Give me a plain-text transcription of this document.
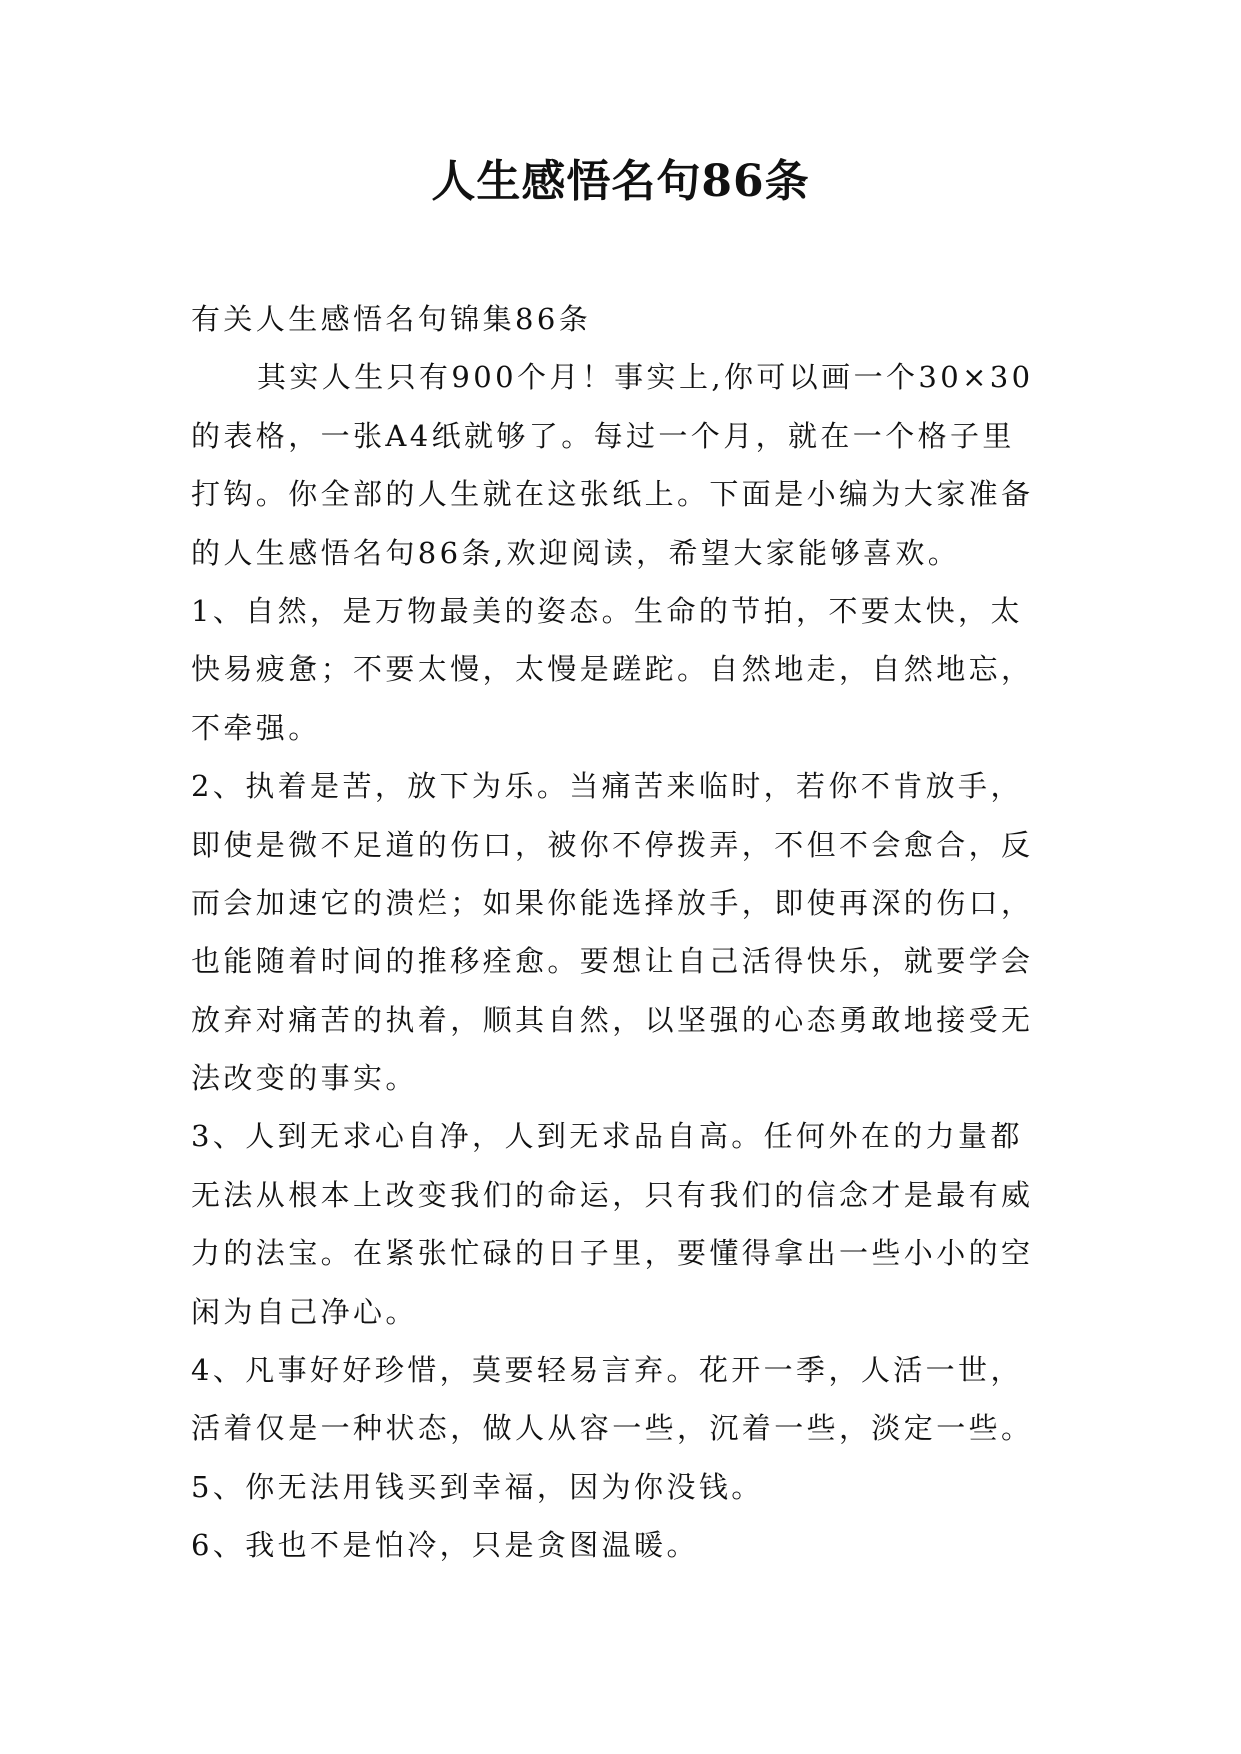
人生感悟名句86条
有关人生感悟名句锦集86条
其实人生只有900个月！事实上,你可以画一个30×30
的表格，一张A4纸就够了。每过一个月，就在一个格子里
打钩。你全部的人生就在这张纸上。下面是小编为大家准备
的人生感悟名句86条,欢迎阅读，希望大家能够喜欢。
1、自然，是万物最美的姿态。生命的节拍，不要太快，太
快易疲惫；不要太慢，太慢是蹉跎。自然地走，自然地忘，
不牵强。
2、执着是苦，放下为乐。当痛苦来临时，若你不肯放手，
即使是微不足道的伤口，被你不停拨弄，不但不会愈合，反
而会加速它的溃烂；如果你能选择放手，即使再深的伤口，
也能随着时间的推移痊愈。要想让自己活得快乐，就要学会
放弃对痛苦的执着，顺其自然，以坚强的心态勇敢地接受无
法改变的事实。
3、人到无求心自净，人到无求品自高。任何外在的力量都
无法从根本上改变我们的命运，只有我们的信念才是最有威
力的法宝。在紧张忙碌的日子里，要懂得拿出一些小小的空
闲为自己净心。
4、凡事好好珍惜，莫要轻易言弃。花开一季，人活一世，
活着仅是一种状态，做人从容一些，沉着一些，淡定一些。
5、你无法用钱买到幸福，因为你没钱。
6、我也不是怕冷，只是贪图温暖。
